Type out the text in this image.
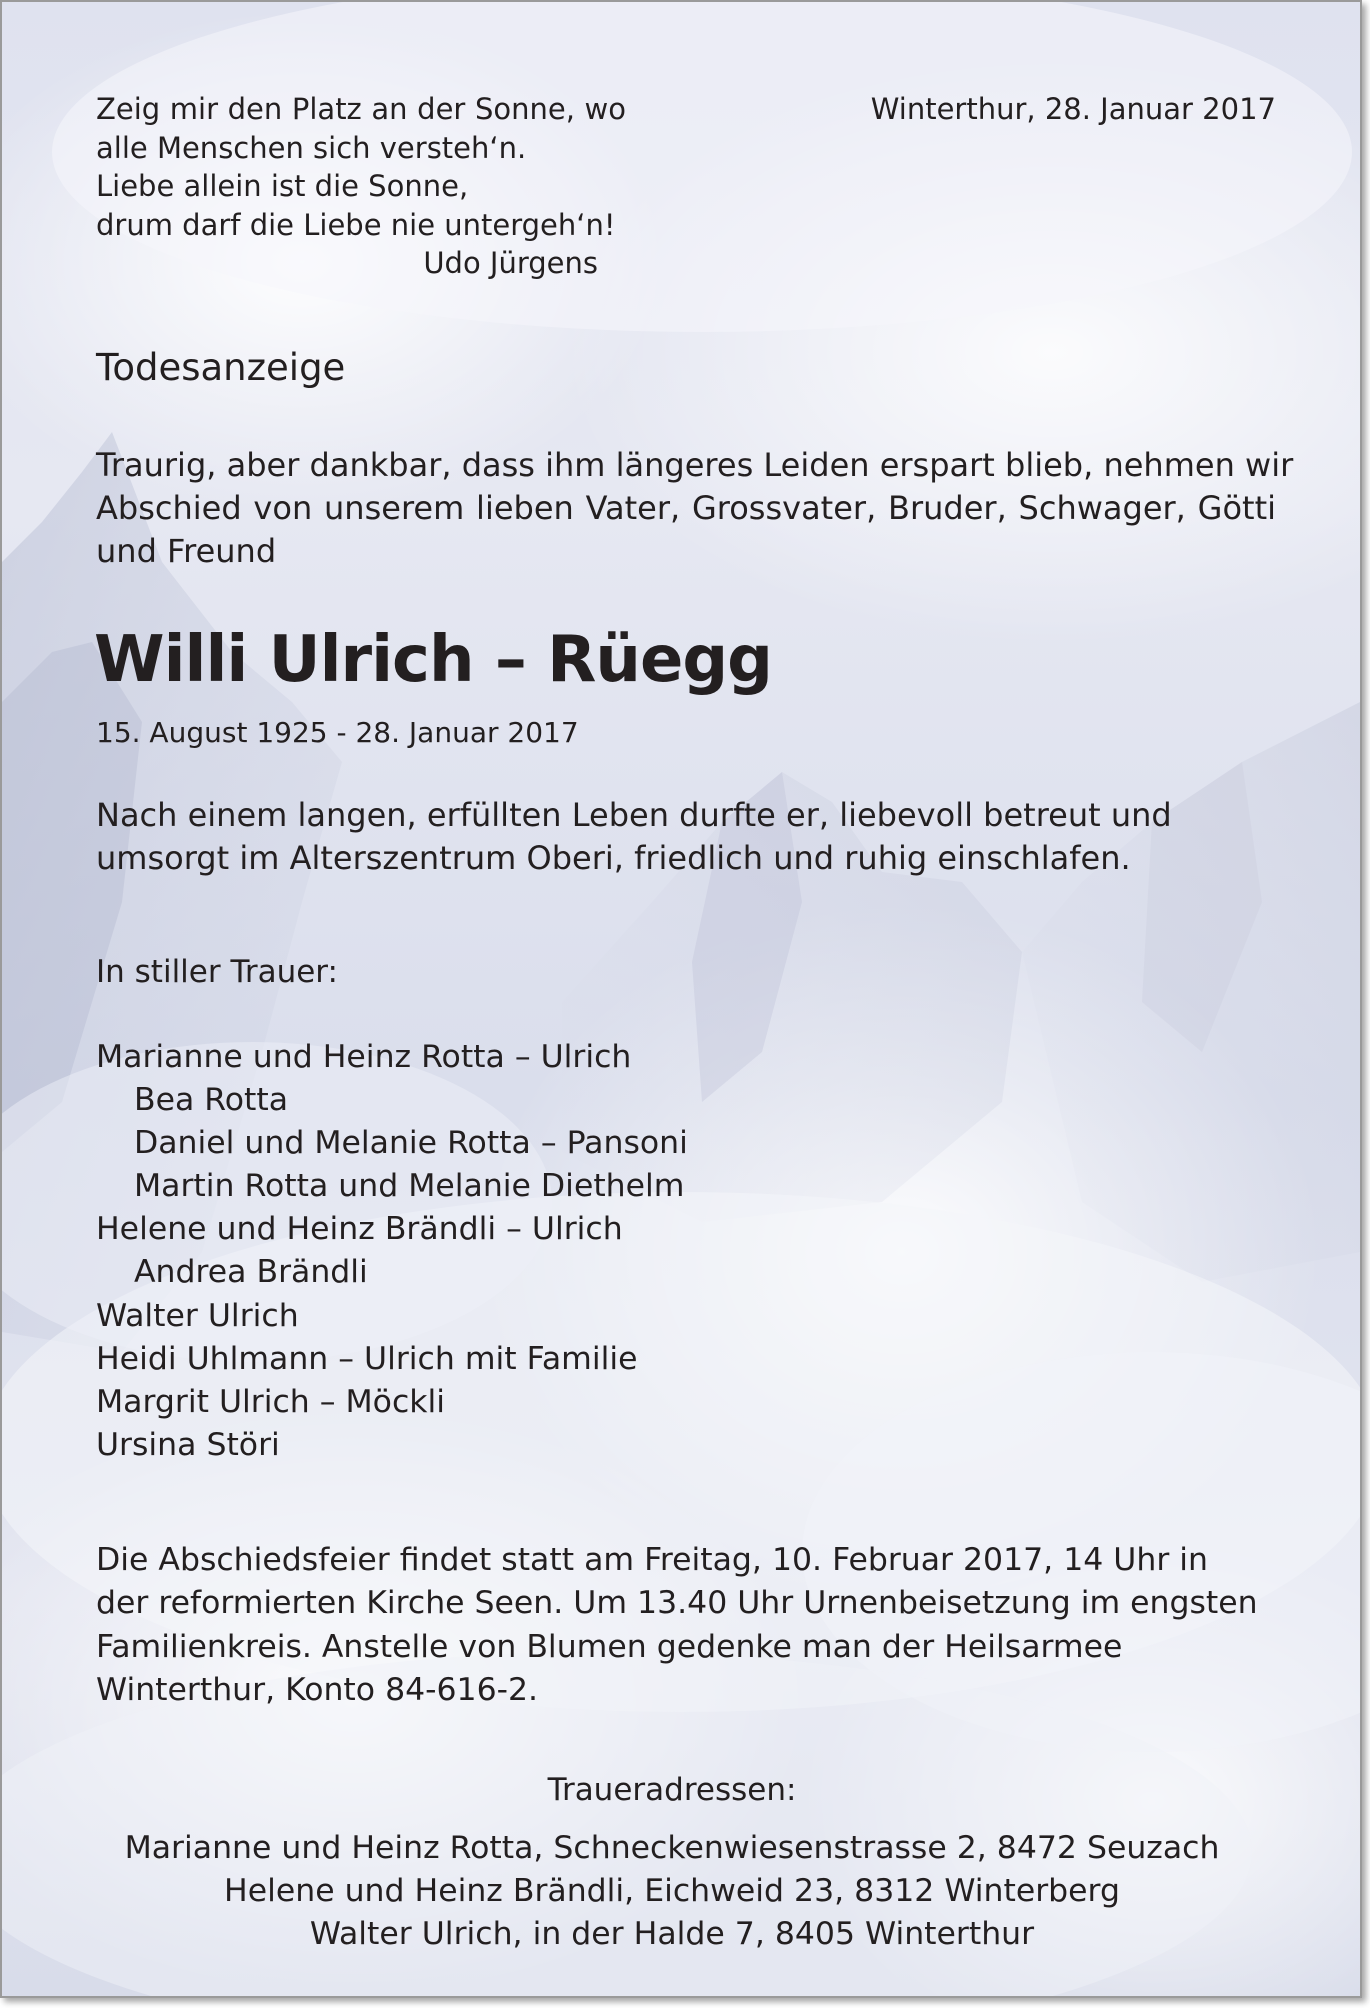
Zeig mir den Platz an der Sonne, wo
alle Menschen sich versteh‘n.
Liebe allein ist die Sonne,
drum darf die Liebe nie untergeh‘n!
Udo Jürgens
Winterthur, 28. Januar 2017
Todesanzeige
Traurig, aber dankbar, dass ihm längeres Leiden erspart blieb, nehmen wir
Abschied von unserem lieben Vater, Grossvater, Bruder, Schwager, Götti
und Freund
Willi Ulrich – Rüegg
15. August 1925 - 28. Januar 2017
Nach einem langen, erfüllten Leben durfte er, liebevoll betreut und
umsorgt im Alterszentrum Oberi, friedlich und ruhig einschlafen.
In stiller Trauer:
Marianne und Heinz Rotta – Ulrich
Bea Rotta
Daniel und Melanie Rotta – Pansoni
Martin Rotta und Melanie Diethelm
Helene und Heinz Brändli – Ulrich
Andrea Brändli
Walter Ulrich
Heidi Uhlmann – Ulrich mit Familie
Margrit Ulrich – Möckli
Ursina Störi
Die Abschiedsfeier findet statt am Freitag, 10. Februar 2017, 14 Uhr in
der reformierten Kirche Seen. Um 13.40 Uhr Urnenbeisetzung im engsten
Familienkreis. Anstelle von Blumen gedenke man der Heilsarmee
Winterthur, Konto 84-616-2.
Traueradressen:
Marianne und Heinz Rotta, Schneckenwiesenstrasse 2, 8472 Seuzach
Helene und Heinz Brändli, Eichweid 23, 8312 Winterberg
Walter Ulrich, in der Halde 7, 8405 Winterthur
